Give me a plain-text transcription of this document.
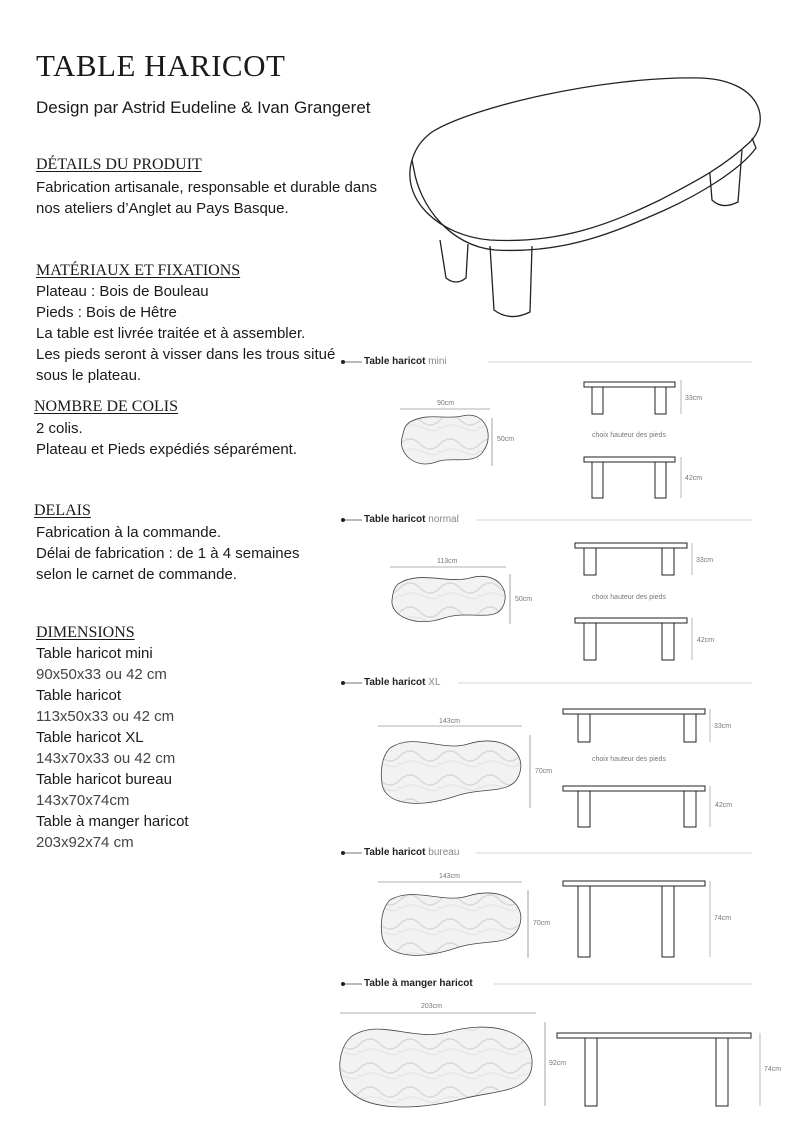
TABLE HARICOT
Design par Astrid Eudeline & Ivan Grangeret
DÉTAILS DU PRODUIT
Fabrication artisanale, responsable et durable dans
nos ateliers d’Anglet au Pays Basque.
MATÉRIAUX ET FIXATIONS
Plateau : Bois de Bouleau
Pieds : Bois de Hêtre
La table est livrée traitée et à assembler.
Les pieds seront à visser dans les trous situé
sous le plateau.
NOMBRE DE COLIS
2 colis.
Plateau et Pieds expédiés séparément.
DELAIS
Fabrication à la commande.
Délai de fabrication : de 1 à 4 semaines
selon le carnet de commande.
DIMENSIONS
Table haricot mini
90x50x33 ou 42 cm
Table haricot
113x50x33 ou 42 cm
Table haricot XL
143x70x33 ou 42 cm
Table haricot bureau
143x70x74cm
Table à manger haricot
203x92x74 cm
Table haricot mini
90cm
50cm
33cm
choix hauteur des pieds
42cm
Table haricot normal
113cm
50cm
33cm
choix hauteur des pieds
42cm
Table haricot XL
143cm
70cm
33cm
choix hauteur des pieds
42cm
Table haricot bureau
143cm
70cm
74cm
Table à manger haricot
203cm
92cm
74cm
